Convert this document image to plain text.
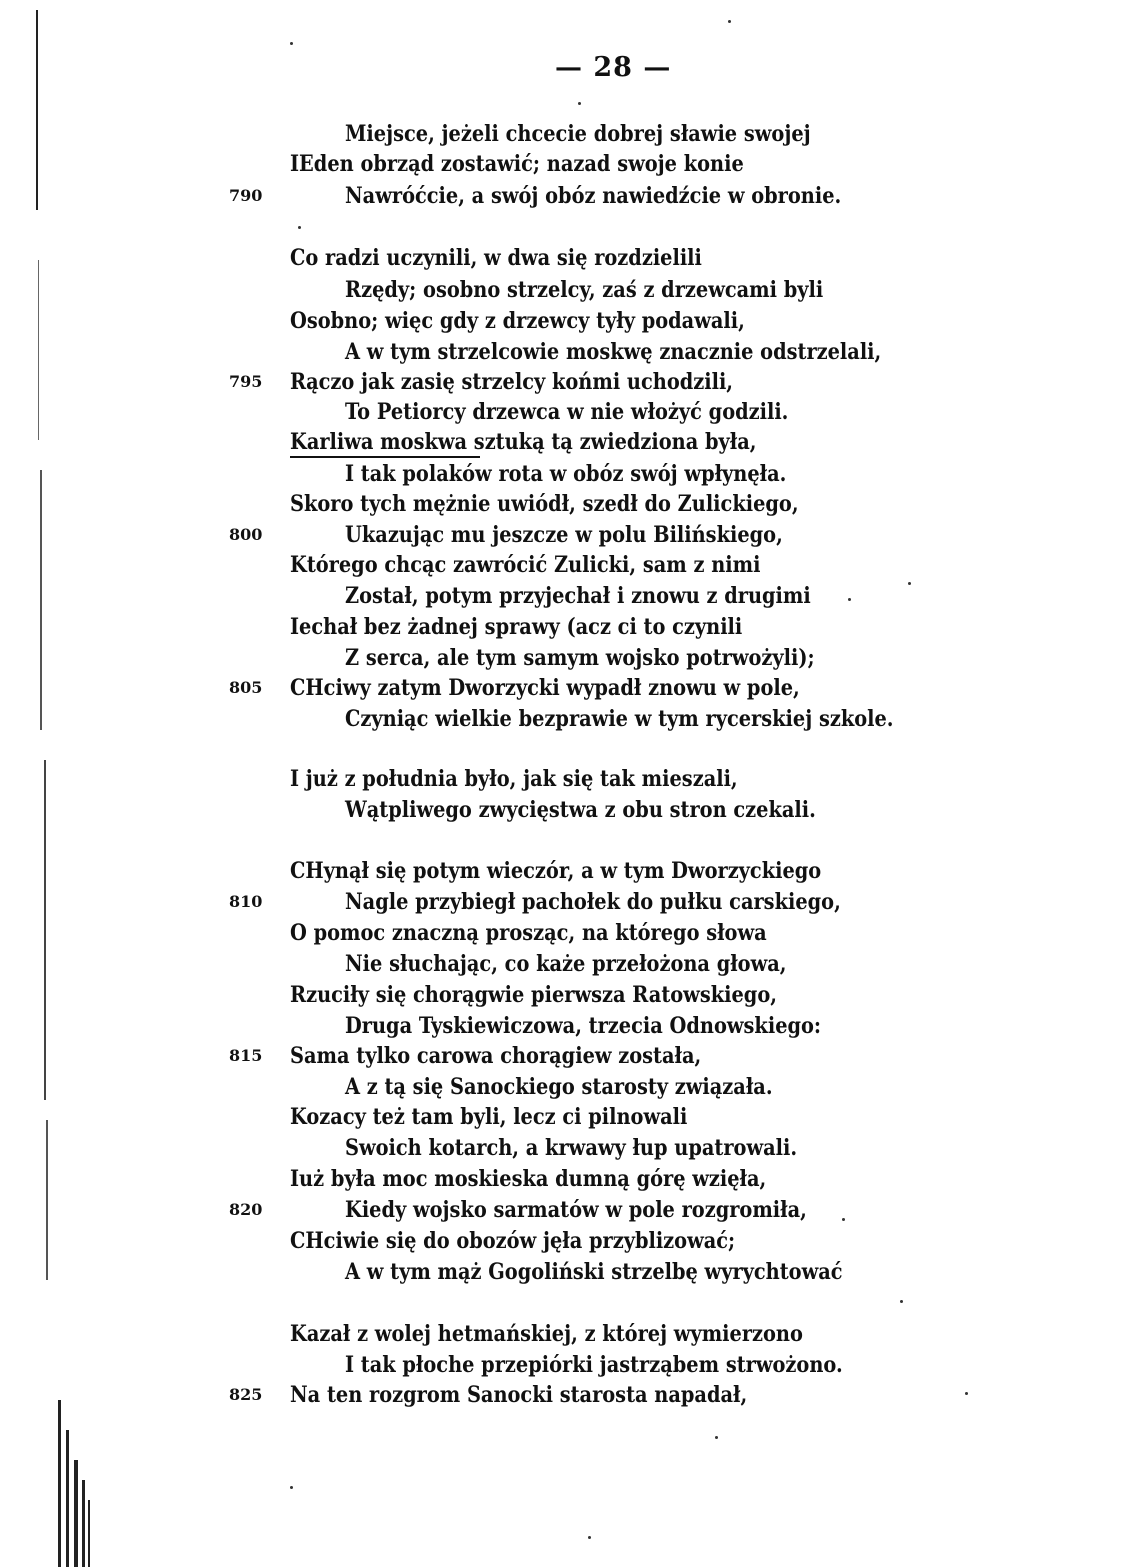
— 28 —
Miejsce, jeżeli chcecie dobrej sławie swojej
IEden obrząd zostawić; nazad swoje konie
790	Nawróćcie, a swój obóz nawiedźcie w obronie.
Co radzi uczynili, w dwa się rozdzielili
Rzędy; osobno strzelcy, zaś z drzewcami byli
Osobno; więc gdy z drzewcy tyły podawali,
A w tym strzelcowie moskwę znacznie odstrzelali,
795 Rączo jak zasię strzelcy końmi uchodzili,
To Petiorcy drzewca w nie włożyć godzili.
Karliwa moskwa sztuką tą zwiedziona była,
I tak polaków rota w obóz swój wpłynęła.
Skoro tych mężnie uwiódł, szedł do Zulickiego,
800	Ukazując mu jeszcze w polu Bilińskiego,
Którego chcąc zawrócić Zulicki, sam z nimi
Został, potym przyjechał i znowu z drugimi
Iechał bez żadnej sprawy (acz ci to czynili
Z serca, ale tym samym wojsko potrwożyli);
805 CHciwy zatym Dworzycki wypadł znowu w pole,
Czyniąc wielkie bezprawie w tym rycerskiej szkole.
I już z południa było, jak się tak mieszali,
Wątpliwego zwycięstwa z obu stron czekali.
CHynął się potym wieczór, a w tym Dworzyckiego
810	Nagle przybiegł pachołek do pułku carskiego,
O pomoc znaczną prosząc, na którego słowa
Nie słuchając, co każe przełożona głowa,
Rzuciły się chorągwie pierwsza Ratowskiego,
Druga Tyskiewiczowa, trzecia Odnowskiego:
815 Sama tylko carowa chorągiew została,
A z tą się Sanockiego starosty związała.
Kozacy też tam byli, lecz ci pilnowali
Swoich kotarch, a krwawy łup upatrowali.
Iuż była moc moskieska dumną górę wzięła,
820	Kiedy wojsko sarmatów w pole rozgromiła,
CHciwie się do obozów jęła przyblizować;
A w tym mąż Gogoliński strzelbę wyrychtować
Kazał z wolej hetmańskiej, z której wymierzono
I tak płoche przepiórki jastrząbem strwożono.
825 Na ten rozgrom Sanocki starosta napadał,
